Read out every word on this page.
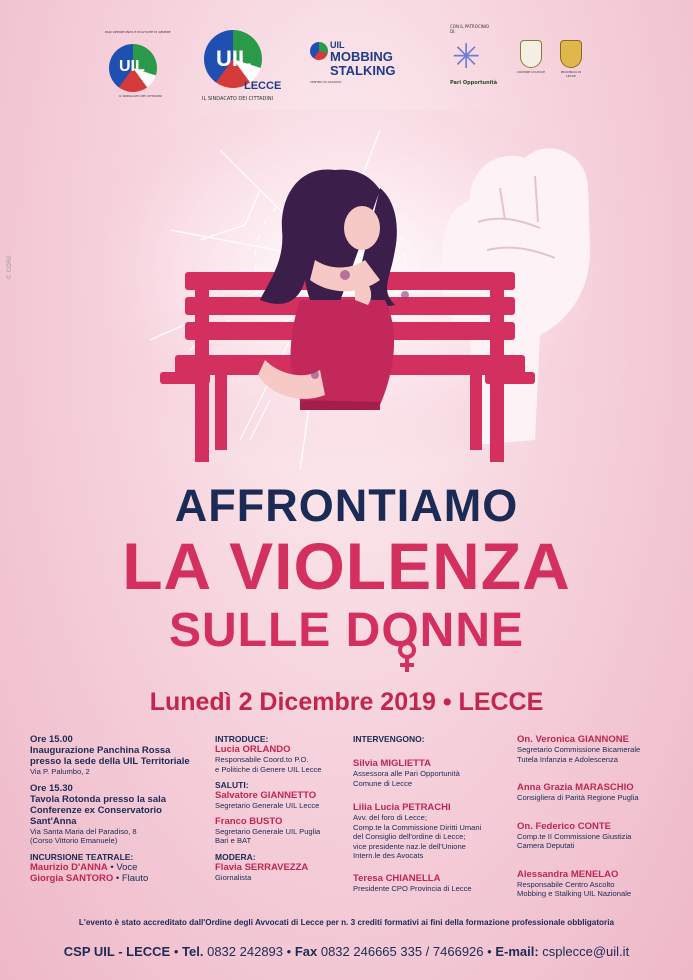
PARI OPPORTUNITÀ E POLITICHE DI GENERE
UIL
IL SINDACATO DEI CITTADINI
UIL
LECCE
IL SINDACATO DEI CITTADINI
UIL
MOBBING
STALKING
CENTRO DI ASCOLTO
CON IL PATROCINIO DI:
✳
Pari Opportunità
COMUNE DI LECCE	PROVINCIA DI LECCE
© CORE
AFFRONTIAMO
LA VIOLENZA
SULLE DONNE
Lunedì 2 Dicembre 2019 • LECCE
Ore 15.00
Inaugurazione Panchina Rossa
presso la sede della UIL Territoriale
Via P. Palumbo, 2
Ore 15.30
Tavola Rotonda presso la sala
Conferenze ex Conservatorio
Sant'Anna
Via Santa Maria del Paradiso, 8
(Corso Vittorio Emanuele)
INCURSIONE TEATRALE:
Maurizio D'ANNA • Voce
Giorgia SANTORO • Flauto
INTRODUCE:
Lucia ORLANDO
Responsabile Coord.to P.O.
e Politiche di Genere UIL Lecce
SALUTI:
Salvatore GIANNETTO
Segretario Generale UIL Lecce
Franco BUSTO
Segretario Generale UIL Puglia
Bari e BAT
MODERA:
Flavia SERRAVEZZA
Giornalista
INTERVENGONO:
Silvia MIGLIETTA
Assessora alle Pari Opportunità
Comune di Lecce
Lilia Lucia PETRACHI
Avv. del foro di Lecce;
Comp.te la Commissione Diritti Umani
del Consiglio dell'ordine di Lecce;
vice presidente naz.le dell'Unione
Intern.le des Avocats
Teresa CHIANELLA
Presidente CPO Provincia di Lecce
On. Veronica GIANNONE
Segretario Commissione Bicamerale
Tutela Infanzia e Adolescenza
Anna Grazia MARASCHIO
Consigliera di Parità Regione Puglia
On. Federico CONTE
Comp.te II Commissione Giustizia
Camera Deputati
Alessandra MENELAO
Responsabile Centro Ascolto
Mobbing e Stalking UIL Nazionale
L'evento è stato accreditato dall'Ordine degli Avvocati di Lecce per n. 3 crediti formativi ai fini della formazione professionale obbligatoria
CSP UIL - LECCE • Tel. 0832 242893 • Fax 0832 246665 335 / 7466926 • E-mail: csplecce@uil.it
